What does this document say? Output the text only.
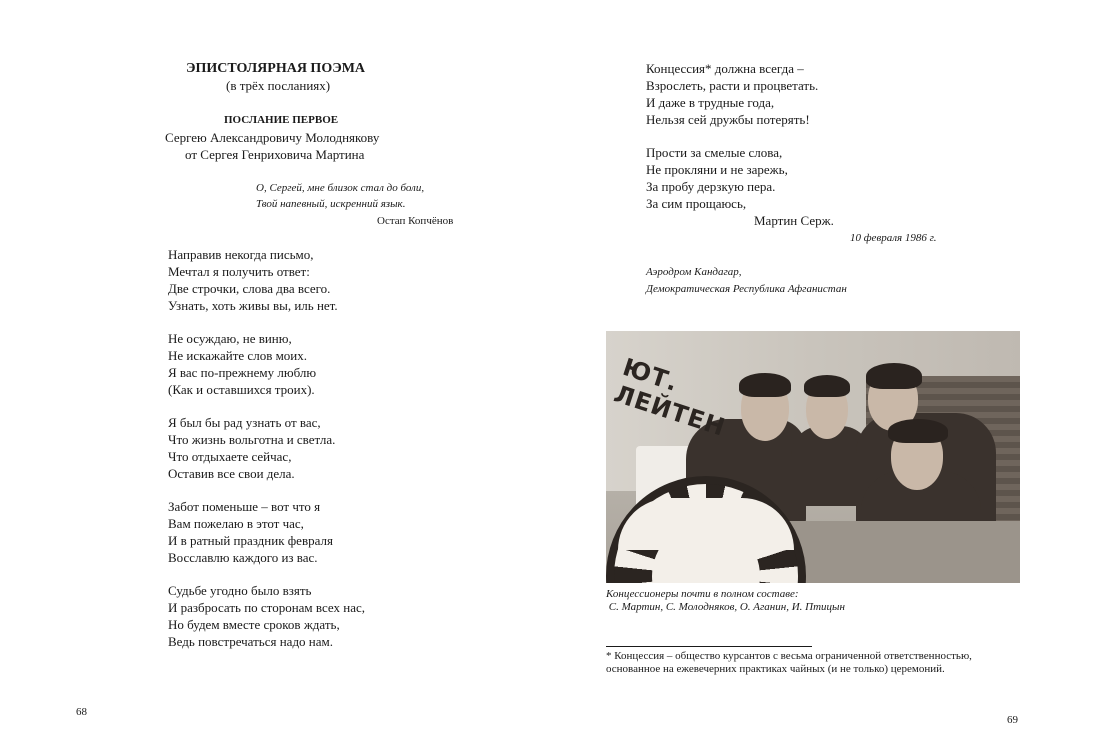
ЭПИСТОЛЯРНАЯ ПОЭМА
(в трёх посланиях)
ПОСЛАНИЕ ПЕРВОЕ
Сергею Александровичу Молоднякову
от Сергея Генриховича Мартина
О, Сергей, мне близок стал до боли,
Твой напевный, искренний язык.
Остап Копчёнов
Направив некогда письмо,
Мечтал я получить ответ:
Две строчки, слова два всего.
Узнать, хоть живы вы, иль нет.
Не осуждаю, не виню,
Не искажайте слов моих.
Я вас по-прежнему люблю
(Как и оставшихся троих).
Я был бы рад узнать от вас,
Что жизнь вольготна и светла.
Что отдыхаете сейчас,
Оставив все свои дела.
Забот поменьше – вот что я
Вам пожелаю в этот час,
И в ратный праздник февраля
Восславлю каждого из вас.
Судьбе угодно было взять
И разбросать по сторонам всех нас,
Но будем вместе сроков ждать,
Ведь повстречаться надо нам.
68
Концессия* должна всегда –
Взрослеть, расти и процветать.
И даже в трудные года,
Нельзя сей дружбы потерять!
Прости за смелые слова,
Не прокляни и не зарежь,
За пробу дерзкую пера.
За сим прощаюсь,
Мартин Серж.
10 февраля 1986 г.
Аэродром Кандагар,
Демократическая Республика Афганистан
ЮТ. ЛЕЙТЕН
Концессионеры почти в полном составе:
С. Мартин, С. Молодняков, О. Аганин, И. Птицын
* Концессия – общество курсантов с весьма ограниченной ответственностью,
основанное на ежевечерних практиках чайных (и не только) церемоний.
69
